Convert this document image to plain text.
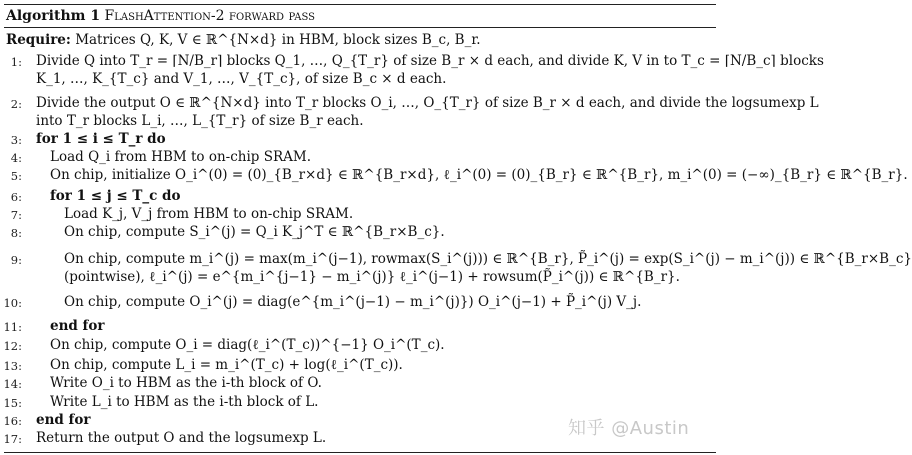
Algorithm 1 FlashAttention-2 forward pass
Require: Matrices Q, K, V ∈ ℝ^{N×d} in HBM, block sizes B_c, B_r.
1: Divide Q into T_r = ⌈N/B_r⌉ blocks Q_1, …, Q_{T_r} of size B_r × d each, and divide K, V in to T_c = ⌈N/B_c⌉ blocks
K_1, …, K_{T_c} and V_1, …, V_{T_c}, of size B_c × d each.
2: Divide the output O ∈ ℝ^{N×d} into T_r blocks O_i, …, O_{T_r} of size B_r × d each, and divide the logsumexp L
into T_r blocks L_i, …, L_{T_r} of size B_r each.
3: for 1 ≤ i ≤ T_r do
4: Load Q_i from HBM to on-chip SRAM.
5: On chip, initialize O_i^(0) = (0)_{B_r×d} ∈ ℝ^{B_r×d}, ℓ_i^(0) = (0)_{B_r} ∈ ℝ^{B_r}, m_i^(0) = (−∞)_{B_r} ∈ ℝ^{B_r}.
6: for 1 ≤ j ≤ T_c do
7:	Load K_j, V_j from HBM to on-chip SRAM.
8:	On chip, compute S_i^(j) = Q_i K_j^T ∈ ℝ^{B_r×B_c}.
9:	On chip, compute m_i^(j) = max(m_i^(j−1), rowmax(S_i^(j))) ∈ ℝ^{B_r}, P̃_i^(j) = exp(S_i^(j) − m_i^(j)) ∈ ℝ^{B_r×B_c}
(pointwise), ℓ_i^(j) = e^{m_i^{j−1} − m_i^(j)} ℓ_i^(j−1) + rowsum(P̃_i^(j)) ∈ ℝ^{B_r}.
10:	On chip, compute O_i^(j) = diag(e^{m_i^(j−1) − m_i^(j)}) O_i^(j−1) + P̃_i^(j) V_j.
11: end for
12: On chip, compute O_i = diag(ℓ_i^(T_c))^{−1} O_i^(T_c).
13: On chip, compute L_i = m_i^(T_c) + log(ℓ_i^(T_c)).
14: Write O_i to HBM as the i-th block of O.
15: Write L_i to HBM as the i-th block of L.
16: end for
17: Return the output O and the logsumexp L.	知乎 @Austin
